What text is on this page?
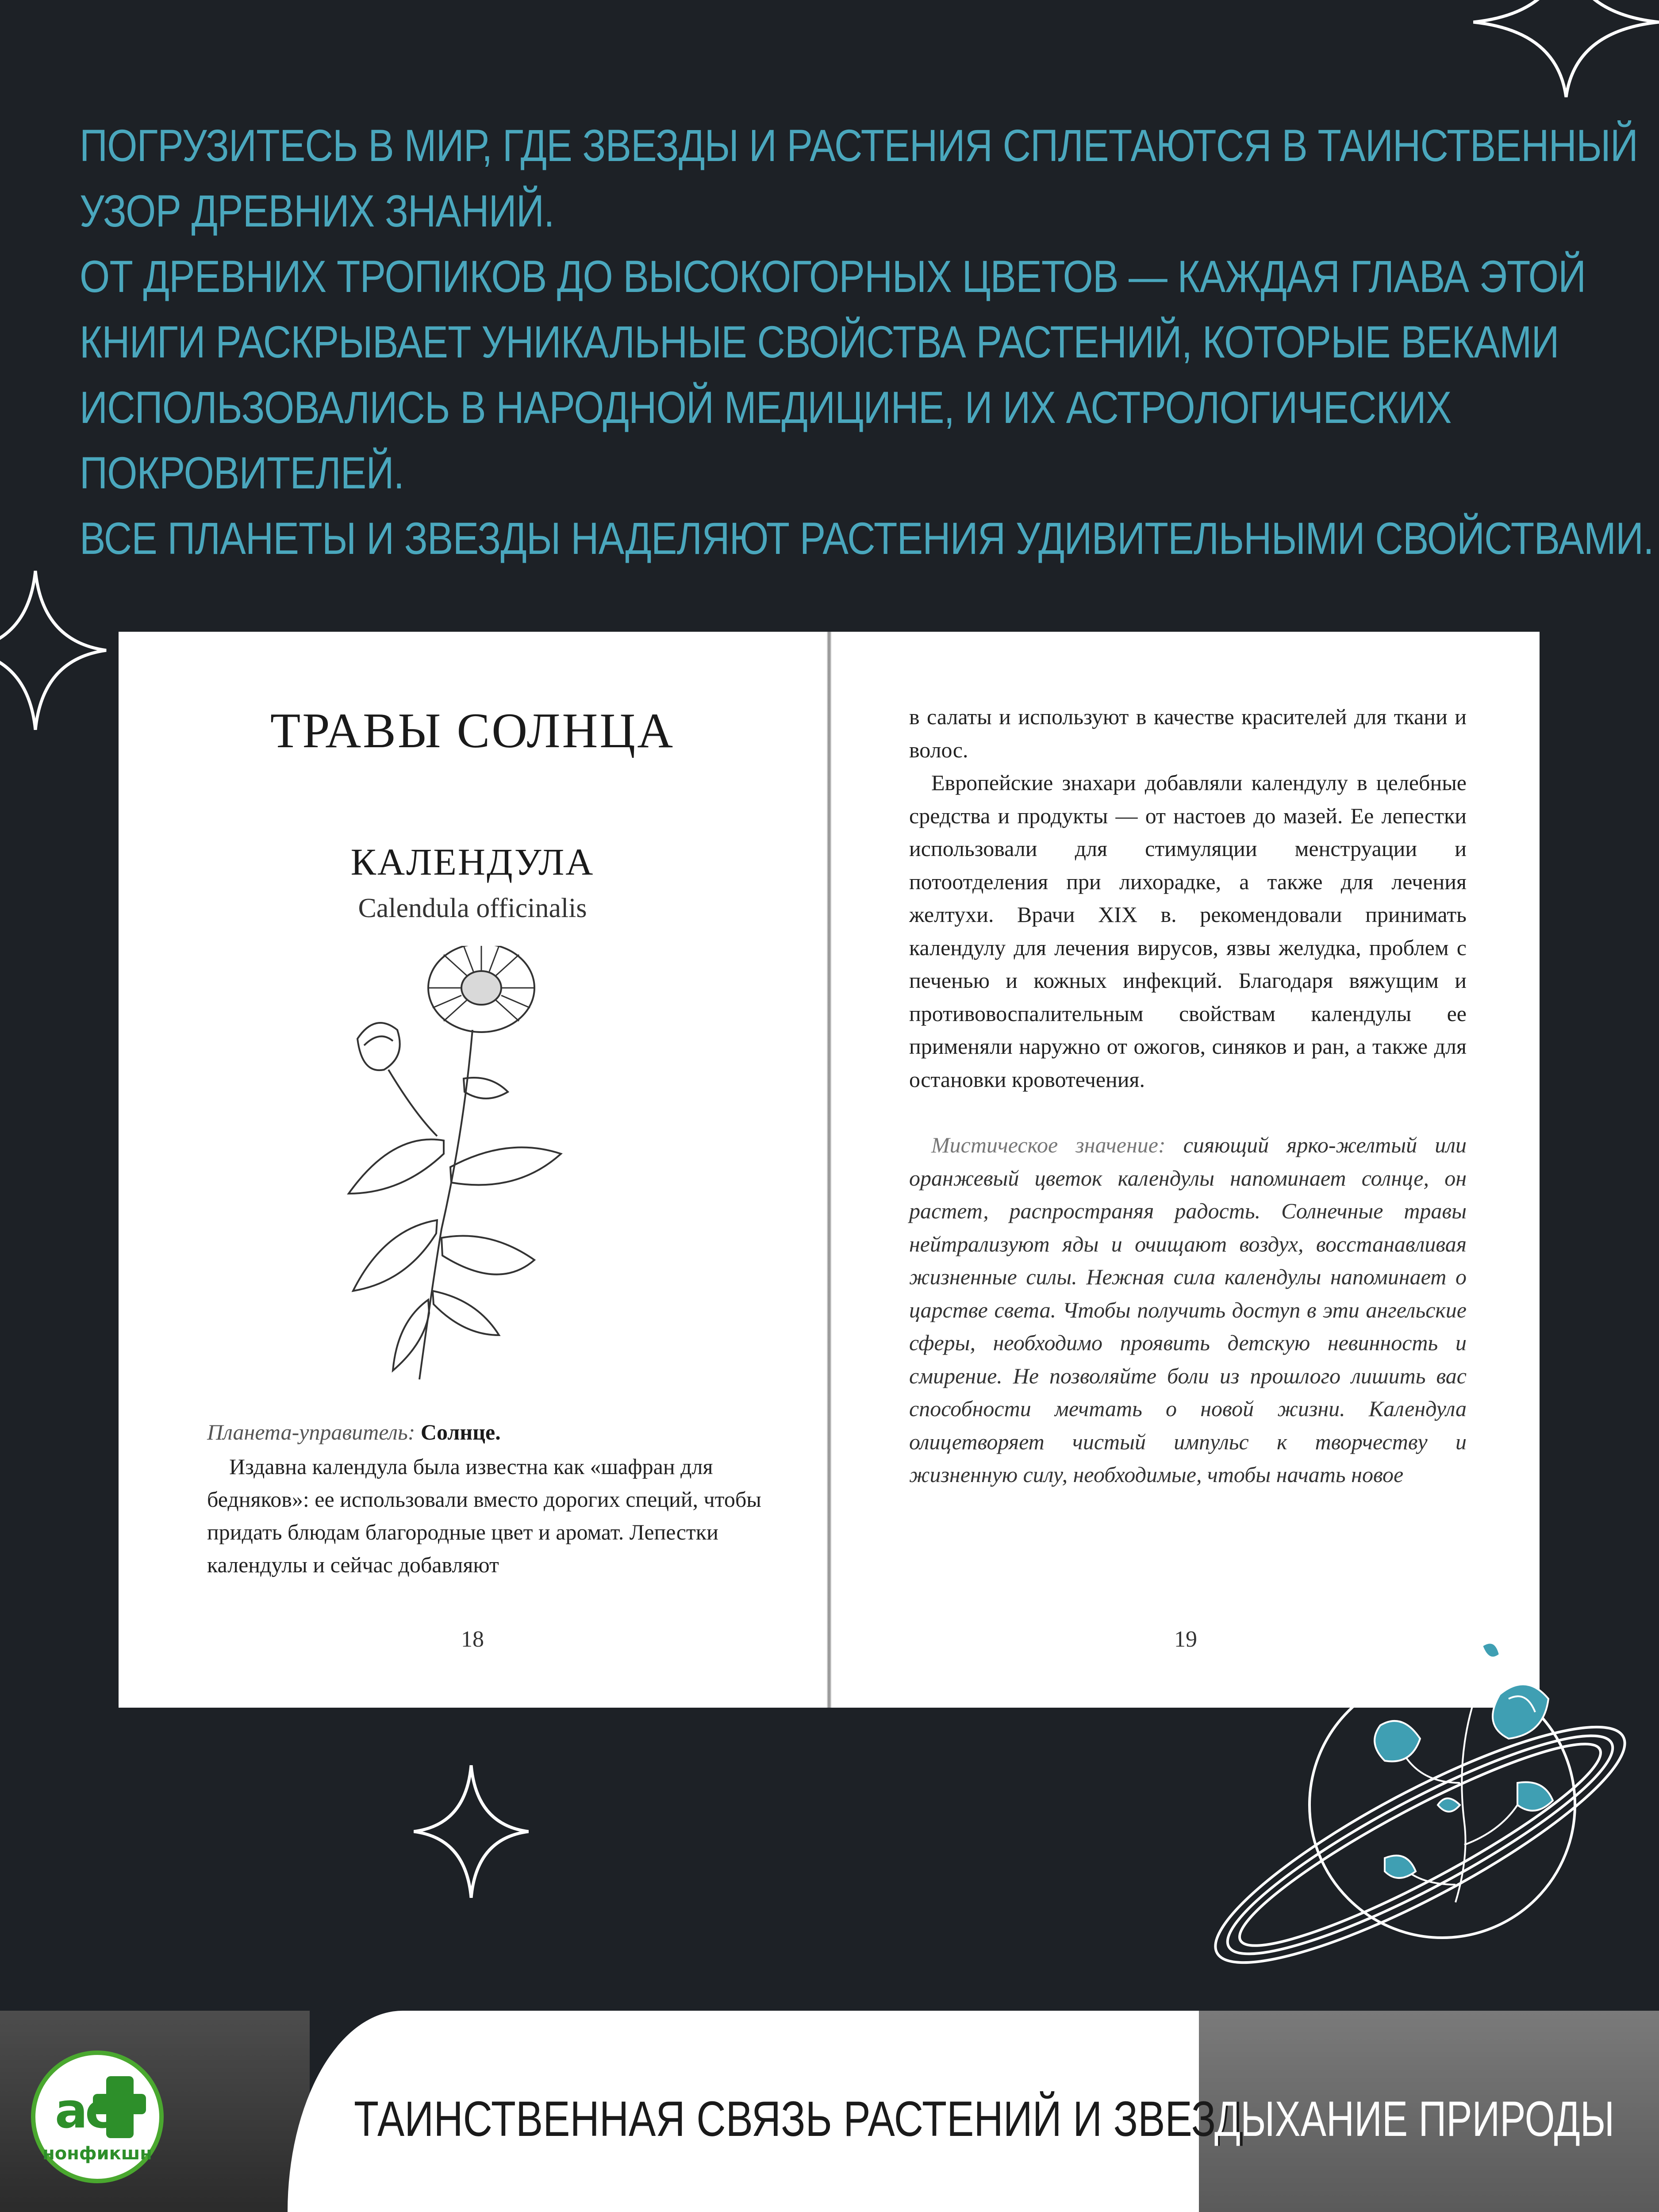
ПОГРУЗИТЕСЬ В МИР, ГДЕ ЗВЕЗДЫ И РАСТЕНИЯ СПЛЕТАЮТСЯ В ТАИНСТВЕННЫЙ

УЗОР ДРЕВНИХ ЗНАНИЙ.

ОТ ДРЕВНИХ ТРОПИКОВ ДО ВЫСОКОГОРНЫХ ЦВЕТОВ — КАЖДАЯ ГЛАВА ЭТОЙ

КНИГИ РАСКРЫВАЕТ УНИКАЛЬНЫЕ СВОЙСТВА РАСТЕНИЙ, КОТОРЫЕ ВЕКАМИ

ИСПОЛЬЗОВАЛИСЬ В НАРОДНОЙ МЕДИЦИНЕ, И ИХ АСТРОЛОГИЧЕСКИХ

ПОКРОВИТЕЛЕЙ.

ВСЕ ПЛАНЕТЫ И ЗВЕЗДЫ НАДЕЛЯЮТ РАСТЕНИЯ УДИВИТЕЛЬНЫМИ СВОЙСТВАМИ.

ТРАВЫ СОЛНЦА
КАЛЕНДУЛА
Calendula officinalis
Планета-управитель: Солнце.

Издавна календула была известна как «шафран для бедняков»: ее использовали вместо дорогих специй, чтобы придать блюдам благородные цвет и аромат. Лепестки календулы и сейчас добавляют

18

в салаты и используют в качестве красителей для ткани и волос.

Европейские знахари добавляли календулу в целебные средства и продукты — от настоев до мазей. Ее лепестки использовали для стимуляции менструации и потоотделения при лихорадке, а также для лечения желтухи. Врачи XIX в. рекомендовали принимать календулу для лечения вирусов, язвы желудка, проблем с печенью и кожных инфекций. Благодаря вяжущим и противовоспалительным свойствам календулы ее применяли наружно от ожогов, синяков и ран, а также для остановки кровотечения.

Мистическое значение: сияющий ярко-желтый или оранжевый цветок календулы напоминает солнце, он растет, распространяя радость. Солнечные травы нейтрализуют яды и очищают воздух, восстанавливая жизненные силы. Нежная сила календулы напоминает о царстве света. Чтобы получить доступ в эти ангельские сферы, необходимо проявить детскую невинность и смирение. Не позволяйте боли из прошлого лишить вас способности мечтать о новой жизни. Календула олицетворяет чистый импульс к творчеству и жизненную силу, необходимые, чтобы начать новое

19
ac
нонфикшн
ТАИНСТВЕННАЯ СВЯЗЬ РАСТЕНИЙ И ЗВЕЗД
ДЫХАНИЕ ПРИРОДЫ
